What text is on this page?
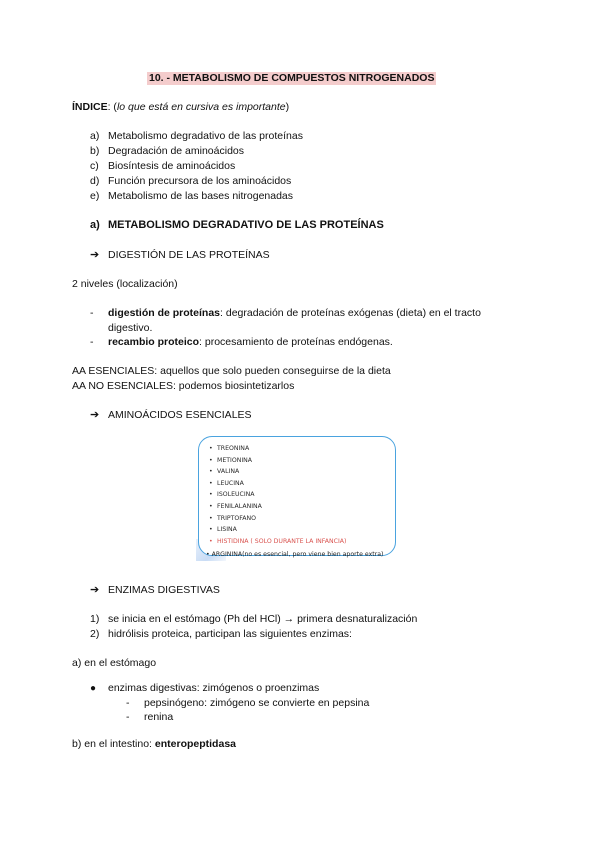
10. - METABOLISMO DE COMPUESTOS NITROGENADOS
ÍNDICE: (lo que está en cursiva es importante)
a) Metabolismo degradativo de las proteínas
b) Degradación de aminoácidos
c) Biosíntesis de aminoácidos
d) Función precursora de los aminoácidos
e) Metabolismo de las bases nitrogenadas
a) METABOLISMO DEGRADATIVO DE LAS PROTEÍNAS
➔ DIGESTIÓN DE LAS PROTEÍNAS
2 niveles (localización)
- digestión de proteínas: degradación de proteínas exógenas (dieta) en el tracto
digestivo.
- recambio proteico: procesamiento de proteínas endógenas.
AA ESENCIALES: aquellos que solo pueden conseguirse de la dieta
AA NO ESENCIALES: podemos biosintetizarlos
➔ AMINOÁCIDOS ESENCIALES
• TREONINA
• METIONINA
• VALINA
• LEUCINA
• ISOLEUCINA
• FENILALANINA
• TRIPTOFANO
• LISINA
• HISTIDINA ( SOLO DURANTE LA INFANCIA)
• ARGININA(no es esencial, pero viene bien aporte extra)
➔ ENZIMAS DIGESTIVAS
1) se inicia en el estómago (Ph del HCl) → primera desnaturalización
2) hidrólisis proteica, participan las siguientes enzimas:
a) en el estómago
● enzimas digestivas: zimógenos o proenzimas
- pepsinógeno: zimógeno se convierte en pepsina
- renina
b) en el intestino: enteropeptidasa
